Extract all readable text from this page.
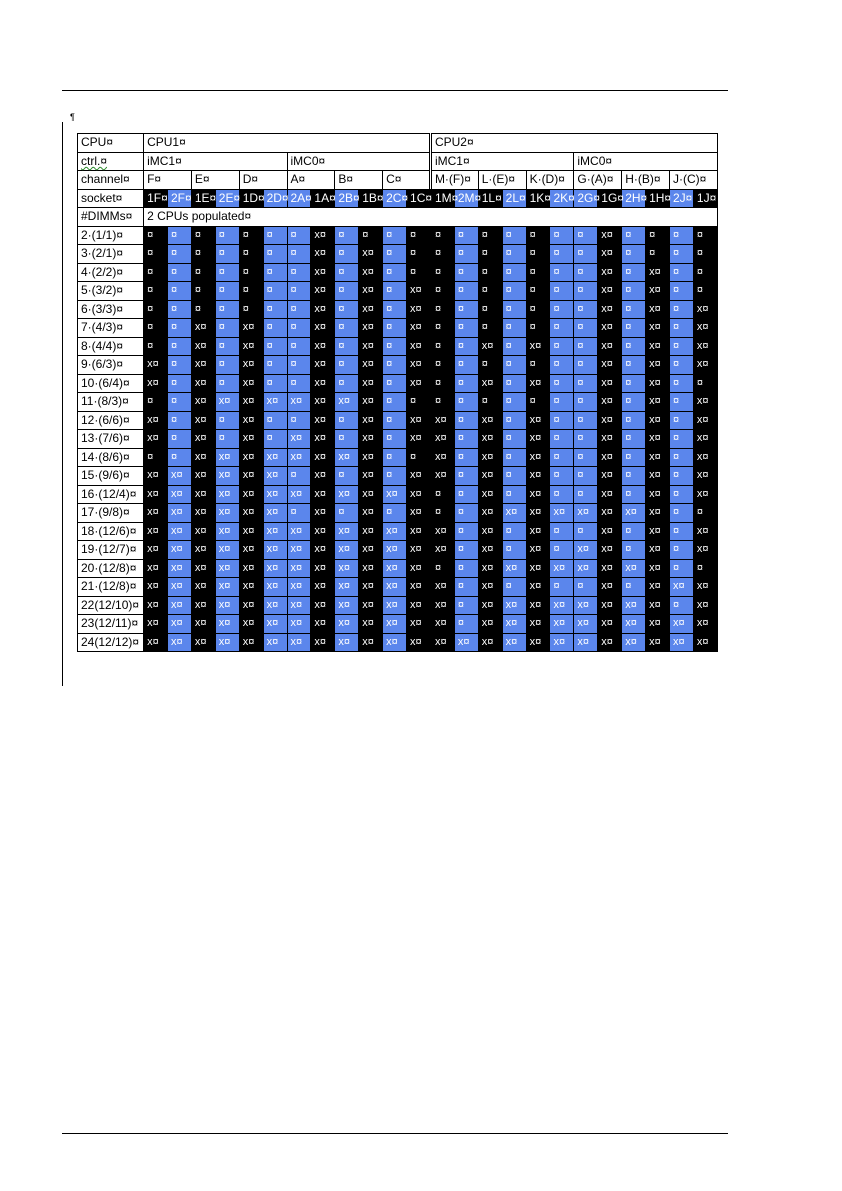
¶
CPU¤	CPU1¤												CPU2¤											
ctrl.¤	iMC1¤						iMC0¤						iMC1¤						iMC0¤					
channel¤	F¤		E¤		D¤		A¤		B¤		C¤		M·(F)¤		L·(E)¤		K·(D)¤		G·(A)¤		H·(B)¤		J·(C)¤	
socket¤	1F¤	2F¤	1E¤	2E¤	1D¤	2D¤	2A¤	1A¤	2B¤	1B¤	2C¤	1C¤	1M¤	2M¤	1L¤	2L¤	1K¤	2K¤	2G¤	1G¤	2H¤	1H¤	2J¤	1J¤
#DIMMs¤	2 CPUs populated¤																							
2·(1/1)¤	¤	¤	¤	¤	¤	¤	¤	x¤	¤	¤	¤	¤	¤	¤	¤	¤	¤	¤	¤	x¤	¤	¤	¤	¤
3·(2/1)¤	¤	¤	¤	¤	¤	¤	¤	x¤	¤	x¤	¤	¤	¤	¤	¤	¤	¤	¤	¤	x¤	¤	¤	¤	¤
4·(2/2)¤	¤	¤	¤	¤	¤	¤	¤	x¤	¤	x¤	¤	¤	¤	¤	¤	¤	¤	¤	¤	x¤	¤	x¤	¤	¤
5·(3/2)¤	¤	¤	¤	¤	¤	¤	¤	x¤	¤	x¤	¤	x¤	¤	¤	¤	¤	¤	¤	¤	x¤	¤	x¤	¤	¤
6·(3/3)¤	¤	¤	¤	¤	¤	¤	¤	x¤	¤	x¤	¤	x¤	¤	¤	¤	¤	¤	¤	¤	x¤	¤	x¤	¤	x¤
7·(4/3)¤	¤	¤	x¤	¤	x¤	¤	¤	x¤	¤	x¤	¤	x¤	¤	¤	¤	¤	¤	¤	¤	x¤	¤	x¤	¤	x¤
8·(4/4)¤	¤	¤	x¤	¤	x¤	¤	¤	x¤	¤	x¤	¤	x¤	¤	¤	x¤	¤	x¤	¤	¤	x¤	¤	x¤	¤	x¤
9·(6/3)¤	x¤	¤	x¤	¤	x¤	¤	¤	x¤	¤	x¤	¤	x¤	¤	¤	¤	¤	¤	¤	¤	x¤	¤	x¤	¤	x¤
10·(6/4)¤	x¤	¤	x¤	¤	x¤	¤	¤	x¤	¤	x¤	¤	x¤	¤	¤	x¤	¤	x¤	¤	¤	x¤	¤	x¤	¤	¤
11·(8/3)¤	¤	¤	x¤	x¤	x¤	x¤	x¤	x¤	x¤	x¤	¤	¤	¤	¤	¤	¤	¤	¤	¤	x¤	¤	x¤	¤	x¤
12·(6/6)¤	x¤	¤	x¤	¤	x¤	¤	¤	x¤	¤	x¤	¤	x¤	x¤	¤	x¤	¤	x¤	¤	¤	x¤	¤	x¤	¤	x¤
13·(7/6)¤	x¤	¤	x¤	¤	x¤	¤	x¤	x¤	¤	x¤	¤	x¤	x¤	¤	x¤	¤	x¤	¤	¤	x¤	¤	x¤	¤	x¤
14·(8/6)¤	¤	¤	x¤	x¤	x¤	x¤	x¤	x¤	x¤	x¤	¤	¤	x¤	¤	x¤	¤	x¤	¤	¤	x¤	¤	x¤	¤	x¤
15·(9/6)¤	x¤	x¤	x¤	x¤	x¤	x¤	¤	x¤	¤	x¤	¤	x¤	x¤	¤	x¤	¤	x¤	¤	¤	x¤	¤	x¤	¤	x¤
16·(12/4)¤	x¤	x¤	x¤	x¤	x¤	x¤	x¤	x¤	x¤	x¤	x¤	x¤	¤	¤	x¤	¤	x¤	¤	¤	x¤	¤	x¤	¤	x¤
17·(9/8)¤	x¤	x¤	x¤	x¤	x¤	x¤	¤	x¤	¤	x¤	¤	x¤	¤	¤	x¤	x¤	x¤	x¤	x¤	x¤	x¤	x¤	¤	¤
18·(12/6)¤	x¤	x¤	x¤	x¤	x¤	x¤	x¤	x¤	x¤	x¤	x¤	x¤	x¤	¤	x¤	¤	x¤	¤	¤	x¤	¤	x¤	¤	x¤
19·(12/7)¤	x¤	x¤	x¤	x¤	x¤	x¤	x¤	x¤	x¤	x¤	x¤	x¤	x¤	¤	x¤	¤	x¤	¤	x¤	x¤	¤	x¤	¤	x¤
20·(12/8)¤	x¤	x¤	x¤	x¤	x¤	x¤	x¤	x¤	x¤	x¤	x¤	x¤	¤	¤	x¤	x¤	x¤	x¤	x¤	x¤	x¤	x¤	¤	¤
21·(12/8)¤	x¤	x¤	x¤	x¤	x¤	x¤	x¤	x¤	x¤	x¤	x¤	x¤	x¤	¤	x¤	¤	x¤	¤	¤	x¤	¤	x¤	x¤	x¤
22(12/10)¤	x¤	x¤	x¤	x¤	x¤	x¤	x¤	x¤	x¤	x¤	x¤	x¤	x¤	¤	x¤	x¤	x¤	x¤	x¤	x¤	x¤	x¤	¤	x¤
23(12/11)¤	x¤	x¤	x¤	x¤	x¤	x¤	x¤	x¤	x¤	x¤	x¤	x¤	x¤	¤	x¤	x¤	x¤	x¤	x¤	x¤	x¤	x¤	x¤	x¤
24(12/12)¤	x¤	x¤	x¤	x¤	x¤	x¤	x¤	x¤	x¤	x¤	x¤	x¤	x¤	x¤	x¤	x¤	x¤	x¤	x¤	x¤	x¤	x¤	x¤	x¤
